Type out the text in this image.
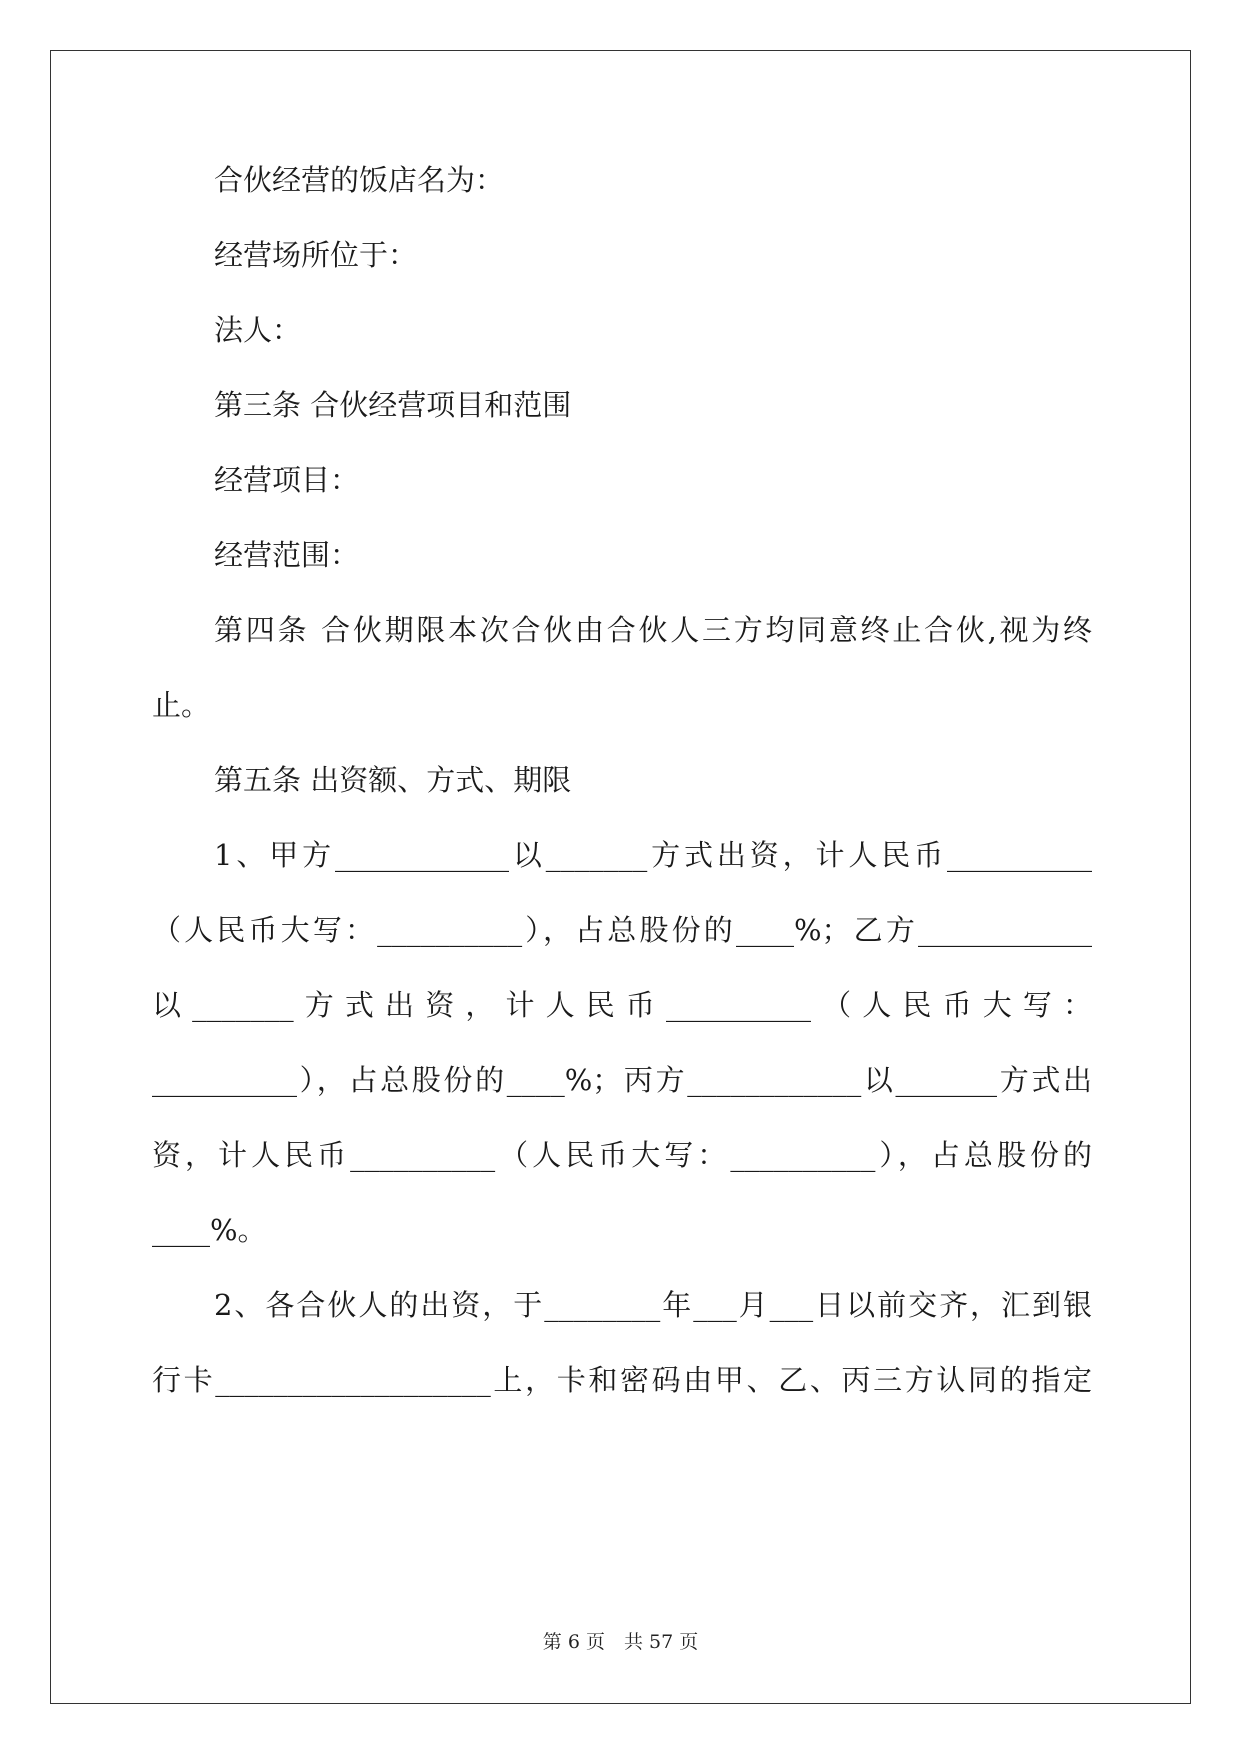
合伙经营的饭店名为：
经营场所位于：
法人：
第三条 合伙经营项目和范围
经营项目：
经营范围：
第四条 合伙期限本次合伙由合伙人三方均同意终止合伙,视为终
止。
第五条 出资额、方式、期限
1、甲方____________以_______方式出资，计人民币__________
（人民币大写：__________），占总股份的____%；乙方____________
以_______方式出资，计人民币__________（人民币大写：
__________），占总股份的____%；丙方____________以_______方式出
资，计人民币__________（人民币大写：__________），占总股份的
____%。
2、各合伙人的出资，于________年___月___日以前交齐，汇到银
行卡___________________上，卡和密码由甲、乙、丙三方认同的指定
第 6 页　共 57 页
